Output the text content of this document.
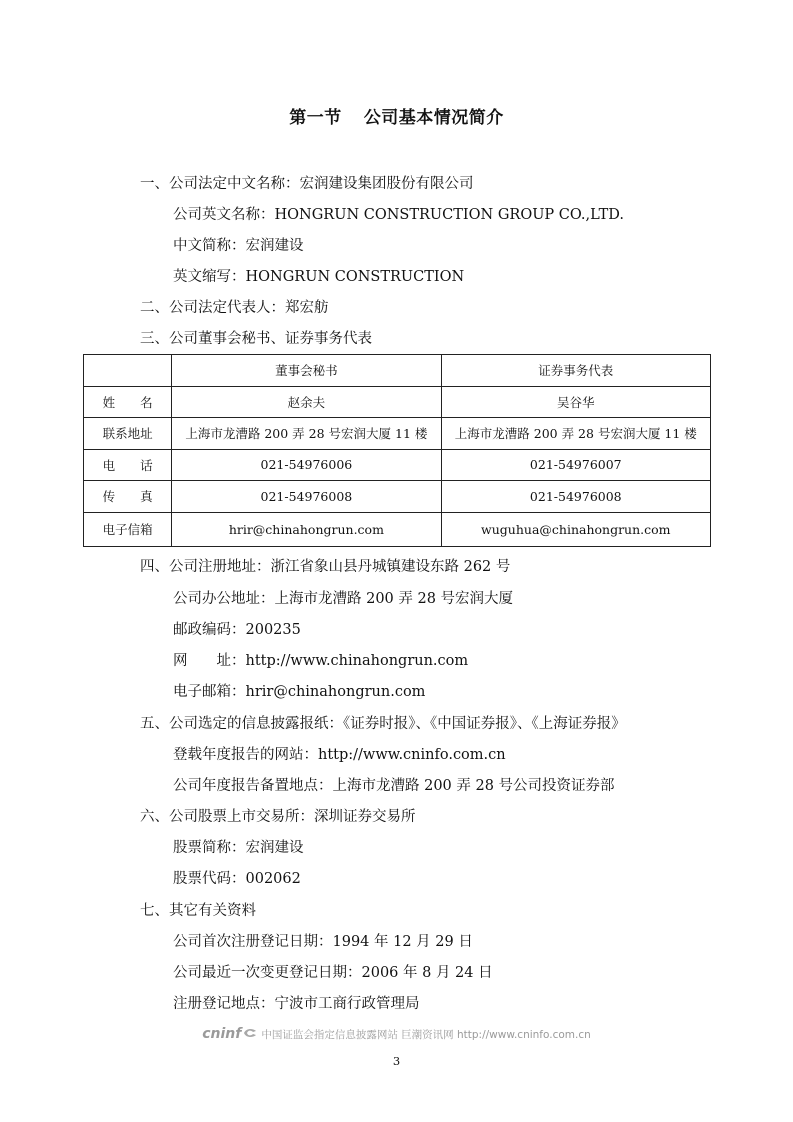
第一节 公司基本情况简介
一、公司法定中文名称：宏润建设集团股份有限公司
公司英文名称：HONGRUN CONSTRUCTION GROUP CO.,LTD.
中文简称：宏润建设
英文缩写：HONGRUN CONSTRUCTION
二、公司法定代表人：郑宏舫
三、公司董事会秘书、证券事务代表
	董事会秘书	证券事务代表
姓　　名	赵余夫	吴谷华
联系地址	上海市龙漕路 200 弄 28 号宏润大厦 11 楼	上海市龙漕路 200 弄 28 号宏润大厦 11 楼
电　　话	021-54976006	021-54976007
传　　真	021-54976008	021-54976008
电子信箱	hrir@chinahongrun.com	wuguhua@chinahongrun.com
四、公司注册地址：浙江省象山县丹城镇建设东路 262 号
公司办公地址：上海市龙漕路 200 弄 28 号宏润大厦
邮政编码：200235
网　　址：http://www.chinahongrun.com
电子邮箱：hrir@chinahongrun.com
五、公司选定的信息披露报纸：《证券时报》、《中国证券报》、《上海证券报》
登载年度报告的网站：http://www.cninfo.com.cn
公司年度报告备置地点：上海市龙漕路 200 弄 28 号公司投资证券部
六、公司股票上市交易所：深圳证券交易所
股票简称：宏润建设
股票代码：002062
七、其它有关资料
公司首次注册登记日期：1994 年 12 月 29 日
公司最近一次变更登记日期：2006 年 8 月 24 日
注册登记地点：宁波市工商行政管理局
cninf 中国证监会指定信息披露网站 巨潮资讯网 http://www.cninfo.com.cn
3
